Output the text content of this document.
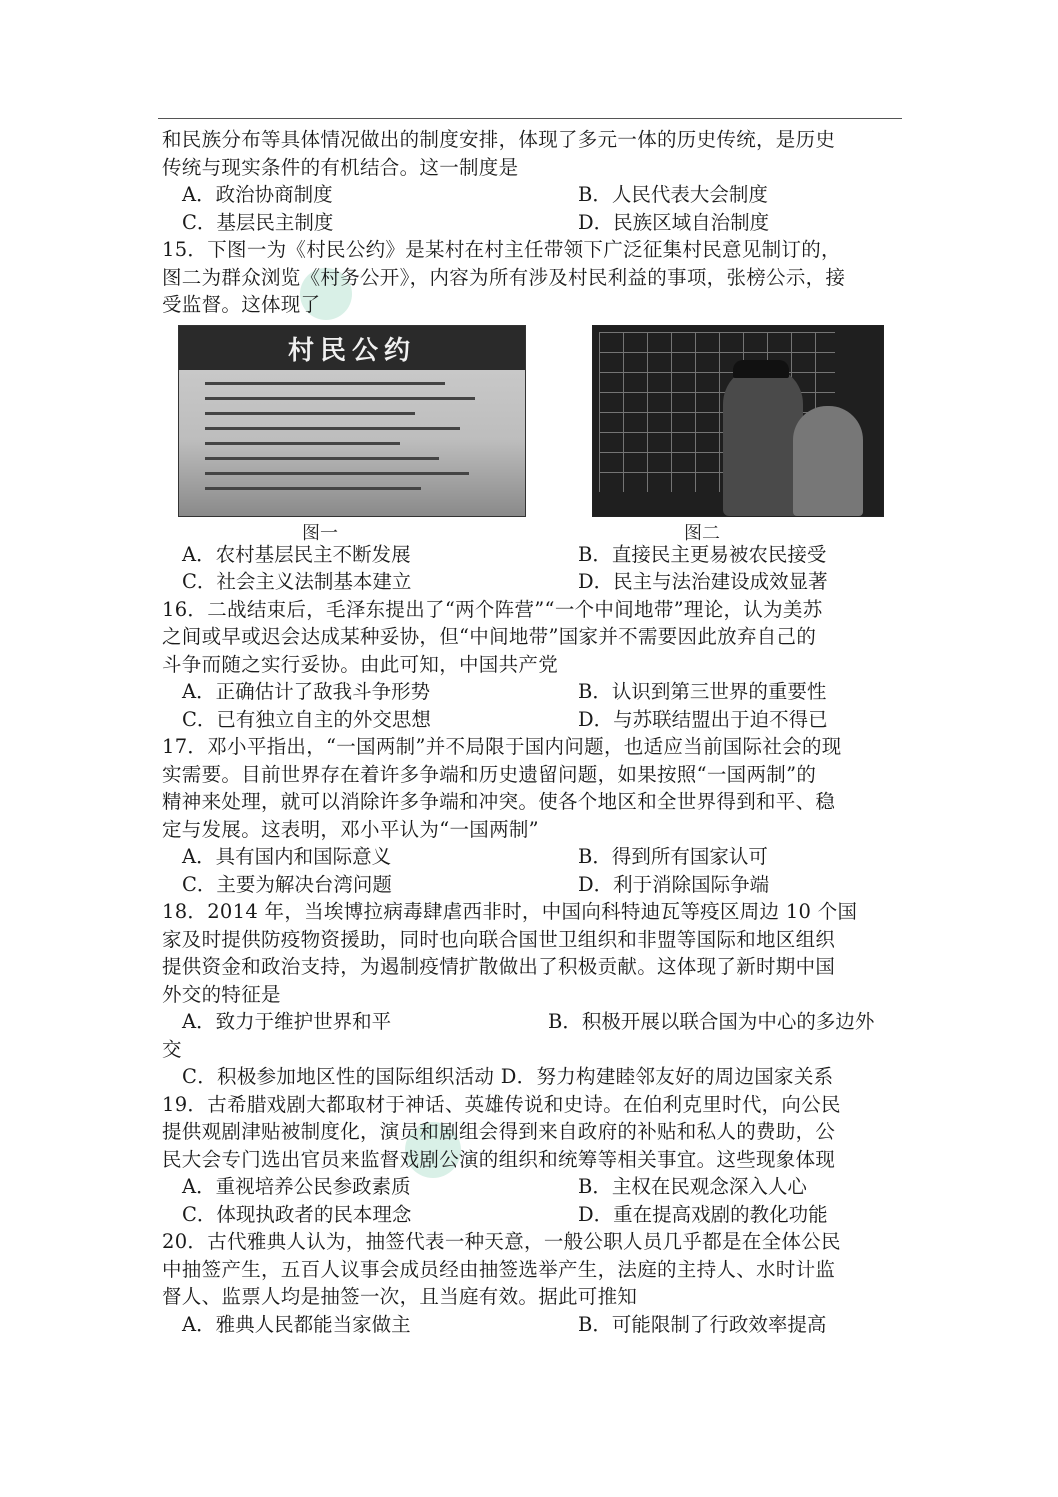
和民族分布等具体情况做出的制度安排，体现了多元一体的历史传统，是历史
传统与现实条件的有机结合。这一制度是
A．政治协商制度	B．人民代表大会制度
C．基层民主制度	D．民族区域自治制度
15．下图一为《村民公约》是某村在村主任带领下广泛征集村民意见制订的，
图二为群众浏览《村务公开》，内容为所有涉及村民利益的事项，张榜公示，接
受监督。这体现了
村民公约
图一	图二
A．农村基层民主不断发展	B．直接民主更易被农民接受
C．社会主义法制基本建立	D．民主与法治建设成效显著
16．二战结束后，毛泽东提出了“两个阵营”“一个中间地带”理论，认为美苏
之间或早或迟会达成某种妥协，但“中间地带”国家并不需要因此放弃自己的
斗争而随之实行妥协。由此可知，中国共产党
A．正确估计了敌我斗争形势	B．认识到第三世界的重要性
C．已有独立自主的外交思想	D．与苏联结盟出于迫不得已
17．邓小平指出，“一国两制”并不局限于国内问题，也适应当前国际社会的现
实需要。目前世界存在着许多争端和历史遗留问题，如果按照“一国两制”的
精神来处理，就可以消除许多争端和冲突。使各个地区和全世界得到和平、稳
定与发展。这表明，邓小平认为“一国两制”
A．具有国内和国际意义	B．得到所有国家认可
C．主要为解决台湾问题	D．利于消除国际争端
18．2014 年，当埃博拉病毒肆虐西非时，中国向科特迪瓦等疫区周边 10 个国
家及时提供防疫物资援助，同时也向联合国世卫组织和非盟等国际和地区组织
提供资金和政治支持，为遏制疫情扩散做出了积极贡献。这体现了新时期中国
外交的特征是
A．致力于维护世界和平	B．积极开展以联合国为中心的多边外
交
C．积极参加地区性的国际组织活动 D．努力构建睦邻友好的周边国家关系
19．古希腊戏剧大都取材于神话、英雄传说和史诗。在伯利克里时代，向公民
提供观剧津贴被制度化，演员和剧组会得到来自政府的补贴和私人的费助，公
民大会专门选出官员来监督戏剧公演的组织和统筹等相关事宜。这些现象体现
A．重视培养公民参政素质	B．主权在民观念深入人心
C．体现执政者的民本理念	D．重在提高戏剧的教化功能
20．古代雅典人认为，抽签代表一种天意，一般公职人员几乎都是在全体公民
中抽签产生，五百人议事会成员经由抽签选举产生，法庭的主持人、水时计监
督人、监票人均是抽签一次，且当庭有效。据此可推知
A．雅典人民都能当家做主	B．可能限制了行政效率提高
